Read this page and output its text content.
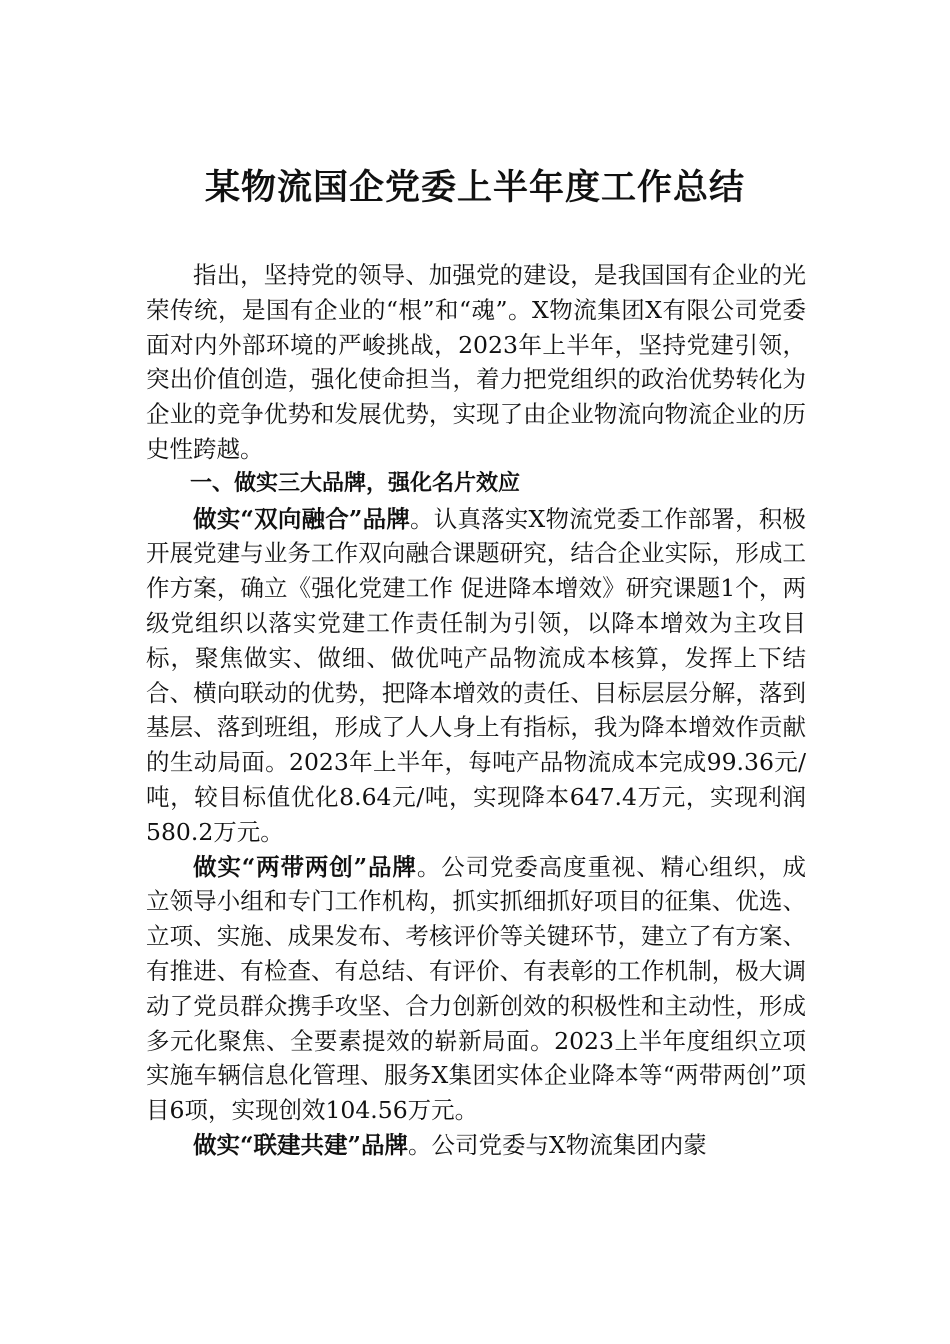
某物流国企党委上半年度工作总结

指出，坚持党的领导、加强党的建设，是我国国有企业的光荣传统，是国有企业的“根”和“魂”。X物流集团X有限公司党委面对内外部环境的严峻挑战，2023年上半年，坚持党建引领，突出价值创造，强化使命担当，着力把党组织的政治优势转化为企业的竞争优势和发展优势，实现了由企业物流向物流企业的历史性跨越。

一、做实三大品牌，强化名片效应

做实“双向融合”品牌。认真落实X物流党委工作部署，积极开展党建与业务工作双向融合课题研究，结合企业实际，形成工作方案，确立《强化党建工作 促进降本增效》研究课题1个，两级党组织以落实党建工作责任制为引领，以降本增效为主攻目标，聚焦做实、做细、做优吨产品物流成本核算，发挥上下结合、横向联动的优势，把降本增效的责任、目标层层分解，落到基层、落到班组，形成了人人身上有指标，我为降本增效作贡献的生动局面。2023年上半年，每吨产品物流成本完成99.36元/吨，较目标值优化8.64元/吨，实现降本647.4万元，实现利润580.2万元。

做实“两带两创”品牌。公司党委高度重视、精心组织，成立领导小组和专门工作机构，抓实抓细抓好项目的征集、优选、立项、实施、成果发布、考核评价等关键环节，建立了有方案、有推进、有检查、有总结、有评价、有表彰的工作机制，极大调动了党员群众携手攻坚、合力创新创效的积极性和主动性，形成多元化聚焦、全要素提效的崭新局面。2023上半年度组织立项实施车辆信息化管理、服务X集团实体企业降本等“两带两创”项目6项，实现创效104.56万元。

做实“联建共建”品牌。公司党委与X物流集团内蒙
